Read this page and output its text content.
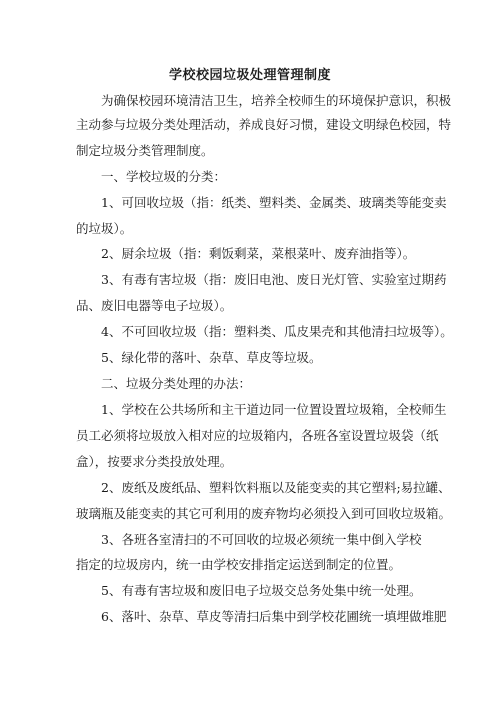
学校校园垃圾处理管理制度
为确保校园环境清洁卫生，培养全校师生的环境保护意识，积极
主动参与垃圾分类处理活动，养成良好习惯，建设文明绿色校园，特
制定垃圾分类管理制度。
一、学校垃圾的分类：
1、可回收垃圾（指：纸类、塑料类、金属类、玻璃类等能变卖
的垃圾）。
2、厨余垃圾（指：剩饭剩菜，菜根菜叶、废弃油指等）。
3、有毒有害垃圾（指：废旧电池、废日光灯管、实验室过期药
品、废旧电器等电子垃圾）。
4、不可回收垃圾（指：塑料类、瓜皮果壳和其他清扫垃圾等）。
5、绿化带的落叶、杂草、草皮等垃圾。
二、垃圾分类处理的办法：
1、学校在公共场所和主干道边同一位置设置垃圾箱，全校师生
员工必须将垃圾放入相对应的垃圾箱内，各班各室设置垃圾袋（纸
盒），按要求分类投放处理。
2、废纸及废纸品、塑料饮料瓶以及能变卖的其它塑料;易拉罐、
玻璃瓶及能变卖的其它可利用的废弃物均必须投入到可回收垃圾箱。
3、各班各室清扫的不可回收的垃圾必须统一集中倒入学校
指定的垃圾房内，统一由学校安排指定运送到制定的位置。
5、有毒有害垃圾和废旧电子垃圾交总务处集中统一处理。
6、落叶、杂草、草皮等清扫后集中到学校花圃统一填埋做堆肥
